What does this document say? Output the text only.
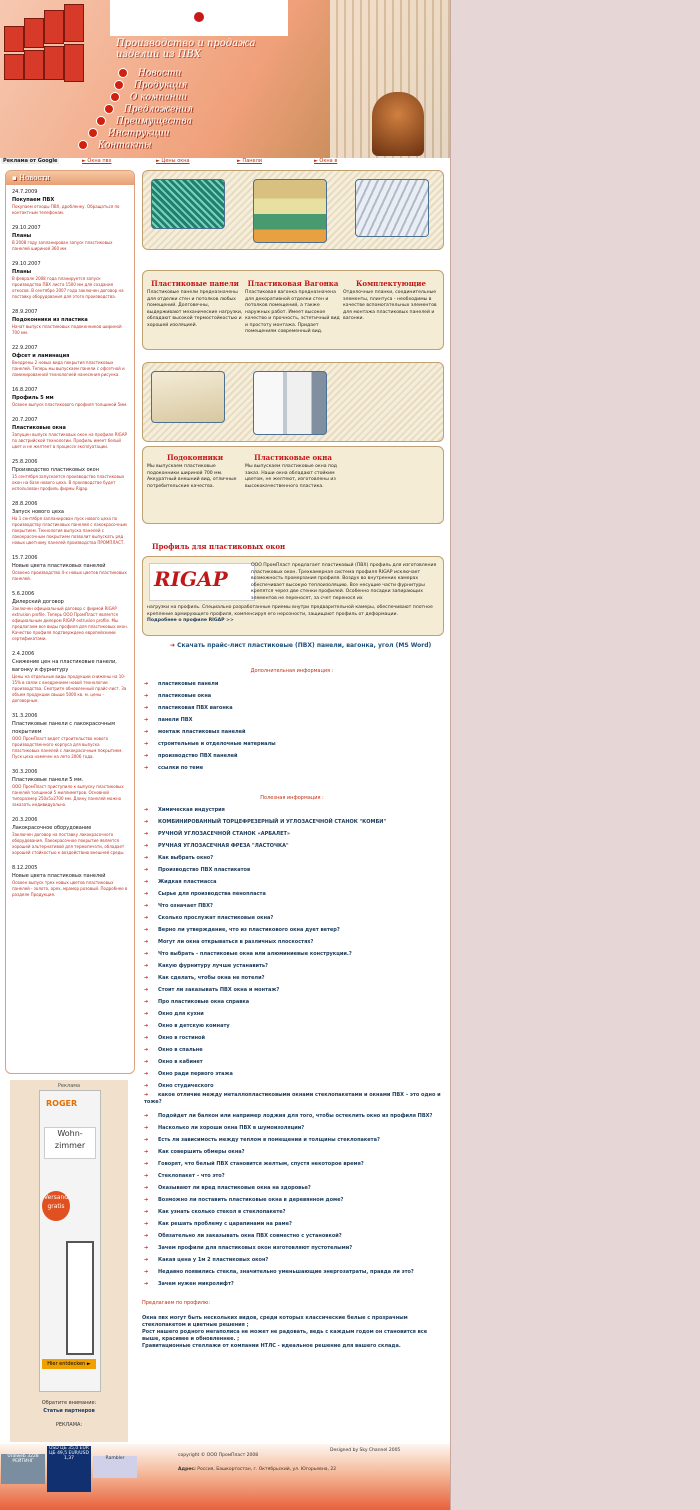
Производство и продажа изделий из ПВХ
Новости
Продукция
О компании
Предложения
Преимущества
Инструкции
Контакты
Реклама от Google	► Окна пвх	► Цены окна	► Панели	► Окна в
▪ Новости
24.7.2009
Покупаем ПВХ
Покупаем отходы ПВХ, дробленку. Обращаться по контактным телефонам.
29.10.2007
Планы
В 2008 году запланирован запуск пластиковых панелей шириной 360 мм.
29.10.2007
Планы
В феврале 2008 года планируется запуск производства ПВХ листа 1500 мм для создания откосов. В сентябре 2007 года заключен договор на поставку оборудования для этого производства.
28.9.2007
Подоконники из пластика
Начат выпуск пластиковых подоконников шириной 700 мм.
22.9.2007
Офсет и ламинация
Внедрены 2 новых вида покрытия пластиковых панелей. Теперь мы выпускаем панели с офсетной и ламинированной технологией нанесения рисунка.
16.8.2007
Профиль 5 мм
Освоен выпуск пластикового профиля толщиной 5мм.
20.7.2007
Пластиковые окна
Запущен выпуск пластиковых окон на профиле RIGAP по австрийской технологии. Профиль имеет белый цвет и не желтеет в процессе эксплуатации.
25.8.2006
Производство пластиковых окон
15 сентября запускается производство пластиковых окон на базе нового цеха. В производстве будет использован профиль фирмы Rigap.
28.8.2006
Запуск нового цеха
На 1 сентября запланирован пуск нового цеха по производству пластиковых панелей с лакокрасочным покрытием. Технология выпуска панелей с лакокрасочным покрытием позволит выпускать ряд новых цветному панелей производства ПРОМПЛАСТ.
15.7.2006
Новые цвета пластиковых панелей
Освоено производство 4-х новых цветов пластиковых панелей.
5.6.2006
Дилерский договор
Заключен официальный договор с фирмой RIGAP extrusion profile. Теперь ООО ПромПласт является официальным дилером RIGAP extrusion profile. Мы предлагаем все виды профиля для пластиковых окон. Качество профиля подтверждено европейскими сертификатами.
2.4.2006
Снижение цен на пластиковые панели, вагонку и фурнитуру
Цены на отдельные виды продукции снижены на 10-15% в связи с внедрением новой технологии производства. Смотрите обновленный прайс-лист. За объем продукции свыше 5000 кв. м. цены - договорные.
31.3.2006
Пластиковые панели с лакокрасочным покрытием
ООО ПромПласт ведет строительство нового производственного корпуса для выпуска пластиковых панелей с лакокрасочным покрытием. Пуск цеха намечен на лето 2006 года.
30.3.2006
Пластиковые панели 5 мм.
ООО ПромПласт приступило к выпуску пластиковых панелей толщиной 5 миллиметров. Основной типоразмер 250х5х2700 мм. Длину панелей можно заказать индивидуально.
20.3.2006
Лакокрасочное оборудование
Заключен договор на поставку лакокрасочного оборудования. Лакокрасочное покрытие является хорошей альтернативой для термопечати, обладает хорошей стойкостью к воздействию внешней среды
8.12.2005
Новые цвета пластиковых панелей
Освоен выпуск трех новых цветов пластиковых панелей - золото, орех, мрамор розовый. Подробнее в разделе Продукция.
Реклама
ROGER
Wohn-zimmer
Versand gratis
Hier entdecken ►
Обратите внимание:
Статьи партнеров
РЕКЛАМА:
Пластиковые панели
Пластиковые панели предназначены для отделки стен и потолков любых помещений. Долговечны, выдерживают механические нагрузки, обладают высокой термостойкостью и хорошей изоляцией.
Пластиковая Вагонка
Пластиковая вагонка предназначена для декоративной отделки стен и потолков помещений, а также наружных работ. Имеет высокое качество и прочность, эстетичный вид и простоту монтажа. Придает помещениям современный вид.
Комплектующие
Отделочные планки, соединительные элементы, плинтуса - необходимы в качестве вспомогательных элементов для монтажа пластиковых панелей и вагонки.
Подоконники
Мы выпускаем пластиковые подоконники шириной 700 мм. Аккуратный внешний вид, отличные потребительские качества.
Пластиковые окна
Мы выпускаем пластиковые окна под заказ. Наши окна обладают стойким цветом, не желтеют, изготовлены из высококачественного пластика.
Профиль для пластиковых окон
RIGAP
ООО ПромПласт предлагает пластиковый (ПВХ) профиль для изготовления пластиковых окон. Трехкамерная система профиля RIGAP исключает возможность промерзания профиля. Воздух во внутренних камерах обеспечивает высокую теплоизоляцию. Все несущие части фурнитуры крепятся через две стенки профилей. Особенно посадки запирающих элементов не переносят, за счет перенося их
нагрузки на профиль. Специально разработанные приемы внутри предварительной камеры, обеспечивают плотное крепление армирующего профиля, компенсируя его нерозности, защищают профиль от деформации.
Подробнее о профиле RIGAP >>
➔ Скачать прайс-лист пластиковые (ПВХ) панели, вагонка, угол (MS Word)
Дополнительная информация :
➔ пластиковые панели
➔ пластиковые окна
➔ пластиковая ПВХ вагонка
➔ панели ПВХ
➔ монтаж пластиковых панелей
➔ строительные и отделочные материалы
➔ производство ПВХ панелей
➔ ссылки по теме
Полезная информация :
➔ Химическая индустрия
➔ КОМБИНИРОВАННЫЙ ТОРЦЕФРЕЗЕРНЫЙ И УГЛОЗАСЕЧНОЙ СТАНОК "КОМБИ"
➔ РУЧНОЙ УГЛОЗАСЕЧНОЙ СТАНОК «АРБАЛЕТ»
➔ РУЧНАЯ УГЛОЗАСЕЧНАЯ ФРЕЗА "ЛАСТОЧКА"
➔ Как выбрать окно?
➔ Производство ПВХ пластикатов
➔ Жидкая пластмасса
➔ Сырье для производства пенопласта
➔ Что означает ПВХ?
➔ Сколько прослужат пластиковые окна?
➔ Верно ли утверждение, что из пластикового окна дует ветер?
➔ Могут ли окна открываться в различных плоскостях?
➔ Что выбрать - пластиковые окна или алюминиевые конструкции.?
➔ Какую фурнитуру лучше устанавить?
➔ Как сделать, чтобы окна не потели?
➔ Стоит ли заказывать ПВХ окна и монтаж?
➔ Про пластиковые окна справка
➔ Окно для кухни
➔ Окно в детскую комнату
➔ Окно в гостиной
➔ Окно в спальне
➔ Окно в кабинет
➔ Окно ради первого этажа
➔ Окно студического
➔ какое отличие между металлопластиковыми окнами стеклопакетами и окнами ПВХ – это одно и тоже?
➔ Подойдет ли балкон или например лоджия для того, чтобы остеклить окно из профиля ПВХ?
➔ Насколько ли хороши окна ПВХ в шумоизоляции?
➔ Есть ли зависимость между теплом в помещении и толщины стеклопакета?
➔ Как совершить обмеры окна?
➔ Говорят, что белый ПВХ становится желтым, спустя некоторое время?
➔ Стеклопакет – что это?
➔ Оказывают ли вред пластиковые окна на здоровье?
➔ Возможно ли поставить пластиковые окна в деревянном доме?
➔ Как узнать сколько стекол в стеклопакете?
➔ Как решать проблему с царапинами на раме?
➔ Обязательно ли заказывать окна ПВХ совместно с установкой?
➔ Зачем профили для пластиковых окон изготовляют пустотелыми?
➔ Какая цена у 1м 2 пластиковых окон?
➔ Недавно появились стекла, значительно уменьшающие энергозатраты, правда ли это?
➔ Зачем нужен микролифт?
Предлагаем по профилю:
Окна пвх могут быть нескольких видов, среди которых классические белые с прозрачным стеклопакетом и цветные решения ;
Рост нашего родного мегаполиса не может не радовать, ведь с каждым годом он становится все выше, красивее и обновленнее. ;
Гравитационные стеллажи от компании НТЛС - идеальное решение для вашего склада.
Uralweb 3228 РЕЙТИНГ
USD ЦБ 35,0 EUR ЦБ 49,5 EUR/USD 1,37	Rambler
copyright © ООО ПромПласт 2008
Адрес: Россия, Башкортостан, г. Октябрьский, ул. Югорьевна, 22
Designed by Sky Channel 2005
